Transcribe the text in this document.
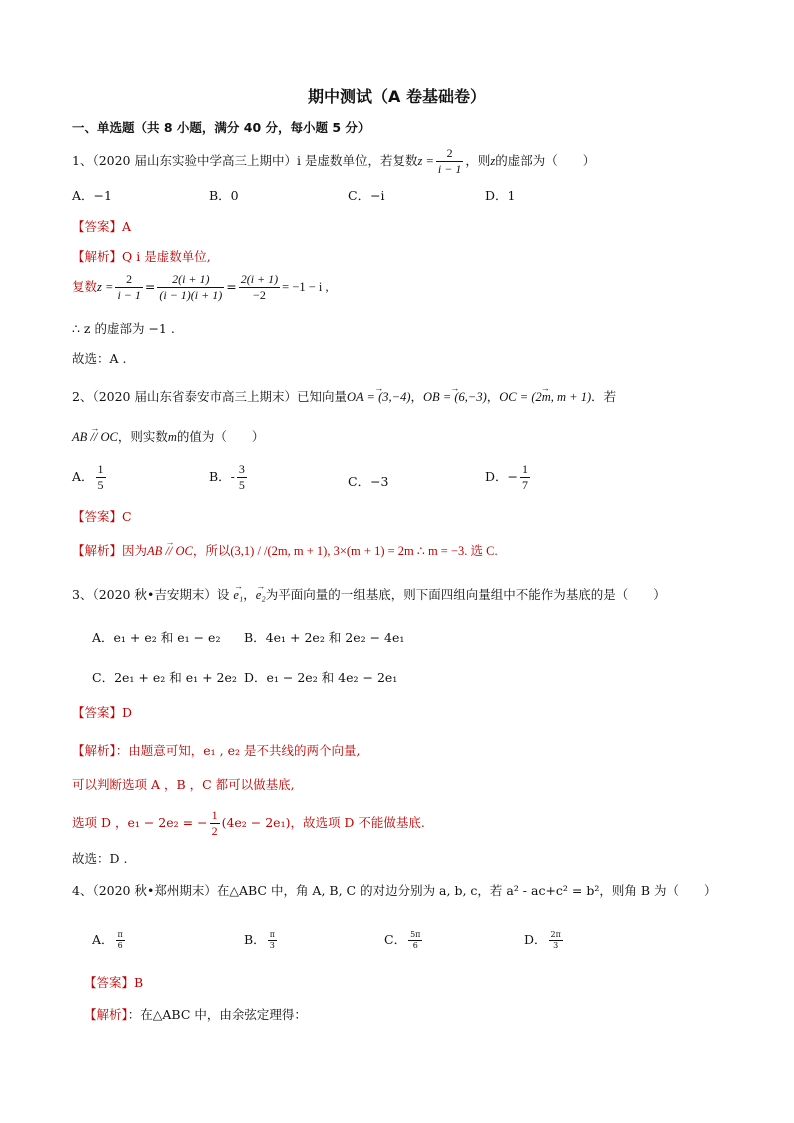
期中测试（A 卷基础卷）
一、单选题（共 8 小题，满分 40 分，每小题 5 分）
1、（2020 届山东实验中学高三上期中）i 是虚数单位，若复数$z = \frac{2}{i - 1}$ ，则z的虚部为（　　）
A．−1	B．0	C．−i	D．1
【答案】A
【解析】Q i 是虚数单位,
复数$z = \frac{2}{i - 1} = \frac{2(i + 1)}{(i - 1)(i + 1)} = \frac{2(i + 1)}{-2} = -1 - i$ ,
∴ z 的虚部为 −1 .
故选：A .
2、（2020 届山东省泰安市高三上期末）已知向量→ OA = (3,−4)，→ OB = (6,−3)，→ OC = (2m, m + 1)．若
→ AB // OC，则实数m的值为（　　）
A． $\frac{1}{5}$	B．- $\frac{3}{5}$	C．−3	D．− $\frac{1}{7}$
【答案】C
【解析】因为→ AB // OC，所以(3,1) / /(2m, m + 1), 3×(m + 1) = 2m ∴ m = −3. 选 C.
3、（2020 秋•吉安期末）设 → e₁，→ e₂为平面向量的一组基底，则下面四组向量组中不能作为基底的是（　　）
A．e₁ + e₂ 和 e₁ − e₂ B．4e₁ + 2e₂ 和 2e₂ − 4e₁
C．2e₁ + e₂ 和 e₁ + 2e₂ D．e₁ − 2e₂ 和 4e₂ − 2e₁
【答案】D
【解析】：由题意可知，e₁ , e₂ 是不共线的两个向量,
可以判断选项 A ，B ，C 都可以做基底,
选项 D ，e₁ − 2e₂ = − $\frac{1}{2} (4e_2 - 2e_1)$，故选项 D 不能做基底.
故选：D .
4、（2020 秋•郑州期末）在△ABC 中，角 A, B, C 的对边分别为 a, b, c，若 a² - ac+c² = b²，则角 B 为（　　）
A． $\frac{\pi}{6}$	B． $\frac{\pi}{3}$	C． $\frac{5\pi}{6}$	D． $\frac{2\pi}{3}$
【答案】B
【解析】：在△ABC 中，由余弦定理得：
